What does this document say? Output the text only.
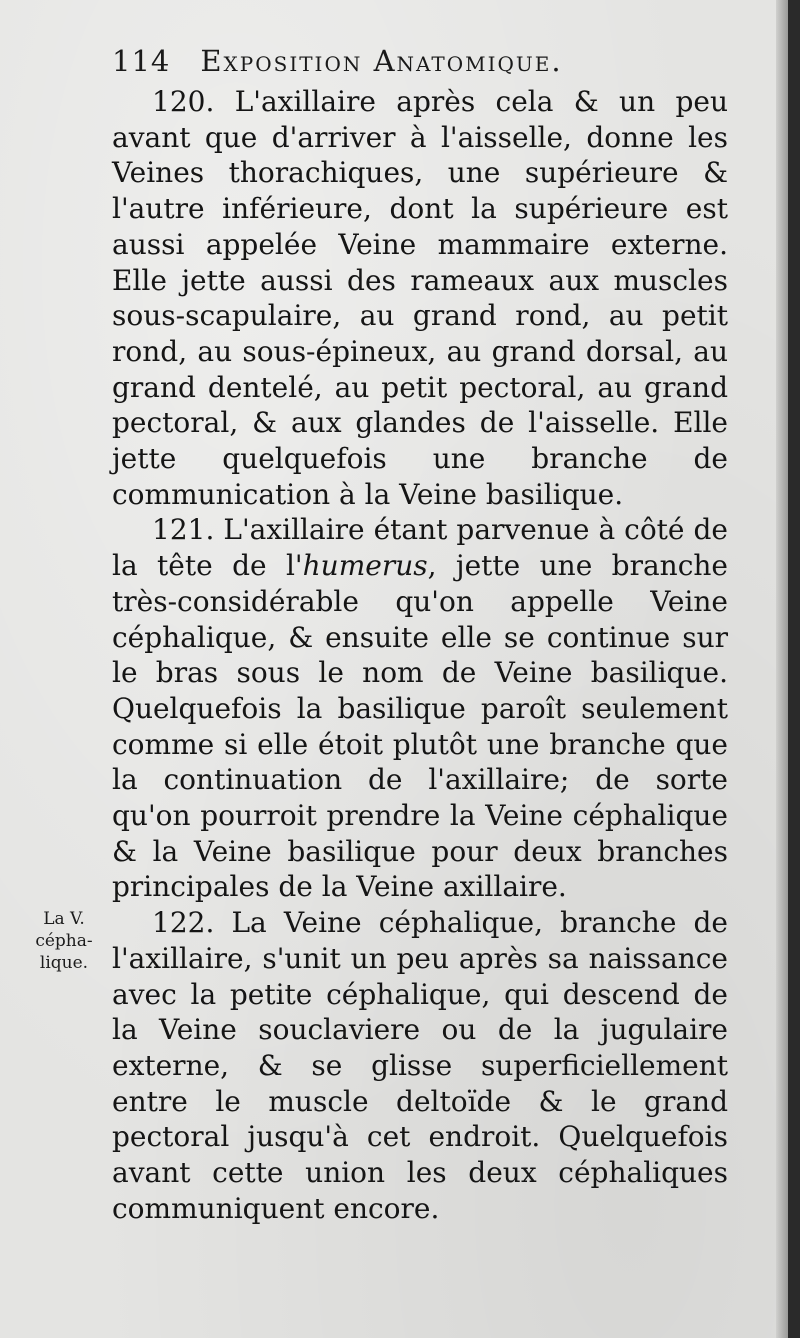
114 Exposition Anatomique.
La V.
cépha-
lique.

120. L'axillaire après cela & un peu avant que d'arriver à l'aisselle, donne les Veines thorachiques, une supérieure & l'autre inférieure, dont la supérieure est aussi appelée Veine mammaire externe. Elle jette aussi des rameaux aux muscles sous-scapulaire, au grand rond, au petit rond, au sous-épineux, au grand dorsal, au grand dentelé, au petit pectoral, au grand pectoral, & aux glandes de l'aisselle. Elle jette quelquefois une branche de communication à la Veine basilique.

121. L'axillaire étant parvenue à côté de la tête de l'humerus, jette une branche très-considérable qu'on appelle Veine céphalique, & ensuite elle se continue sur le bras sous le nom de Veine basilique. Quelquefois la basilique paroît seulement comme si elle étoit plutôt une branche que la continuation de l'axillaire; de sorte qu'on pourroit prendre la Veine céphalique & la Veine basilique pour deux branches principales de la Veine axillaire.

122. La Veine céphalique, branche de l'axillaire, s'unit un peu après sa naissance avec la petite céphalique, qui descend de la Veine souclaviere ou de la jugulaire externe, & se glisse superficiellement entre le muscle deltoïde & le grand pectoral jusqu'à cet endroit. Quelquefois avant cette union les deux céphaliques communiquent encore.
